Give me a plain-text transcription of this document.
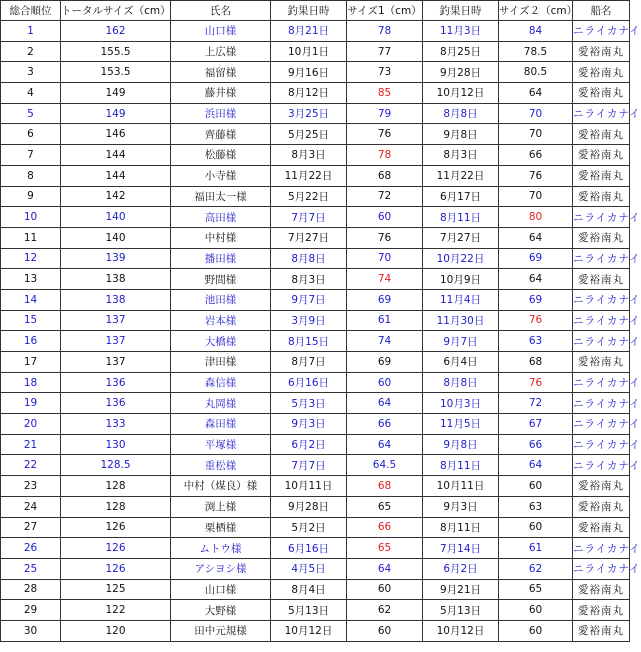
総合順位	トータルサイズ（cm）	氏名	釣果日時	サイズ1（cm）	釣果日時	サイズ２（cm）	船名
1	162	山口様	8月21日	78	11月3日	84	ニライカナイ
2	155.5	上広様	10月1日	77	8月25日	78.5	愛裕南丸
3	153.5	福留様	9月16日	73	9月28日	80.5	愛裕南丸
4	149	藤井様	8月12日	85	10月12日	64	愛裕南丸
5	149	浜田様	3月25日	79	8月8日	70	ニライカナイ
6	146	齊藤様	5月25日	76	9月8日	70	愛裕南丸
7	144	松藤様	8月3日	78	8月3日	66	愛裕南丸
8	144	小寺様	11月22日	68	11月22日	76	愛裕南丸
9	142	福田太一様	5月22日	72	6月17日	70	愛裕南丸
10	140	高田様	7月7日	60	8月11日	80	ニライカナイ
11	140	中村様	7月27日	76	7月27日	64	愛裕南丸
12	139	播田様	8月8日	70	10月22日	69	ニライカナイ
13	138	野間様	8月3日	74	10月9日	64	愛裕南丸
14	138	池田様	9月7日	69	11月4日	69	ニライカナイ
15	137	岩本様	3月9日	61	11月30日	76	ニライカナイ
16	137	大橋様	8月15日	74	9月7日	63	ニライカナイ
17	137	津田様	8月7日	69	6月4日	68	愛裕南丸
18	136	森信様	6月16日	60	8月8日	76	ニライカナイ
19	136	丸岡様	5月3日	64	10月3日	72	ニライカナイ
20	133	森田様	9月3日	66	11月5日	67	ニライカナイ
21	130	平塚様	6月2日	64	9月8日	66	ニライカナイ
22	128.5	重松様	7月7日	64.5	8月11日	64	ニライカナイ
23	128	中村（煤良）様	10月11日	68	10月11日	60	愛裕南丸
24	128	渕上様	9月28日	65	9月3日	63	愛裕南丸
27	126	栗栖様	5月2日	66	8月11日	60	愛裕南丸
26	126	ムトウ様	6月16日	65	7月14日	61	ニライカナイ
25	126	アシヨシ様	4月5日	64	6月2日	62	ニライカナイ
28	125	山口様	8月4日	60	9月21日	65	愛裕南丸
29	122	大野様	5月13日	62	5月13日	60	愛裕南丸
30	120	田中元規様	10月12日	60	10月12日	60	愛裕南丸
